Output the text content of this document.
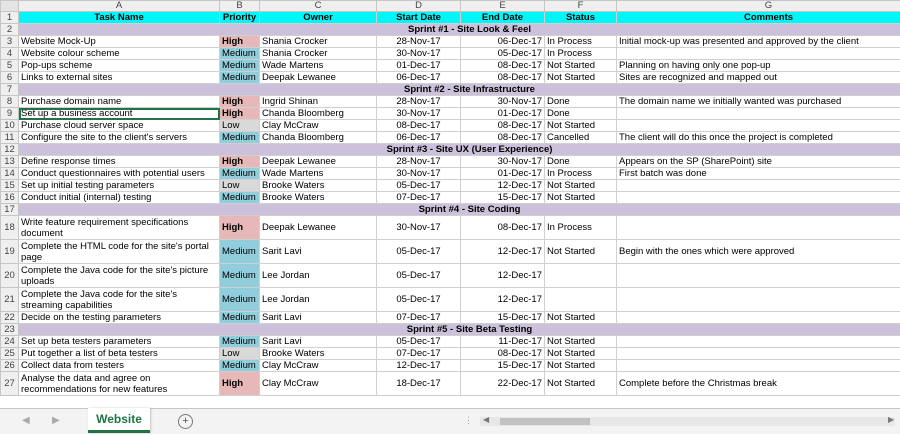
	A	B	C	D	E	F	G
1	Task Name	Priority	Owner	Start Date	End Date	Status	Comments
2	Sprint #1 - Site Look & Feel						
3	Website Mock-Up	High	Shania Crocker	28-Nov-17	06-Dec-17	In Process	Initial mock-up was presented and approved by the client
4	Website colour scheme	Medium	Shania Crocker	30-Nov-17	05-Dec-17	In Process	
5	Pop-ups scheme	Medium	Wade Martens	01-Dec-17	08-Dec-17	Not Started	Planning on having only one pop-up
6	Links to external sites	Medium	Deepak Lewanee	06-Dec-17	08-Dec-17	Not Started	Sites are recognized and mapped out
7	Sprint #2 - Site Infrastructure						
8	Purchase domain name	High	Ingrid Shinan	28-Nov-17	30-Nov-17	Done	The domain name we initially wanted was purchased
9	Set up a business account	High	Chanda Bloomberg	30-Nov-17	01-Dec-17	Done	
10	Purchase cloud server space	Low	Clay McCraw	08-Dec-17	08-Dec-17	Not Started	
11	Configure the site to the client's servers	Medium	Chanda Bloomberg	06-Dec-17	08-Dec-17	Cancelled	The client will do this once the project is completed
12	Sprint #3 - Site UX (User Experience)						
13	Define response times	High	Deepak Lewanee	28-Nov-17	30-Nov-17	Done	Appears on the SP (SharePoint) site
14	Conduct questionnaires with potential users	Medium	Wade Martens	30-Nov-17	01-Dec-17	In Process	First batch was done
15	Set up initial testing parameters	Low	Brooke Waters	05-Dec-17	12-Dec-17	Not Started	
16	Conduct initial (internal) testing	Medium	Brooke Waters	07-Dec-17	15-Dec-17	Not Started	
17	Sprint #4 - Site Coding						
18	Write feature requirement specifications document	High	Deepak Lewanee	30-Nov-17	08-Dec-17	In Process	
19	Complete the HTML code for the site's portal page	Medium	Sarit Lavi	05-Dec-17	12-Dec-17	Not Started	Begin with the ones which were approved
20	Complete the Java code for the site's picture uploads	Medium	Lee Jordan	05-Dec-17	12-Dec-17		
21	Complete the Java code for the site's streaming capabilities	Medium	Lee Jordan	05-Dec-17	12-Dec-17		
22	Decide on the testing parameters	Medium	Sarit Lavi	07-Dec-17	15-Dec-17	Not Started	
23	Sprint #5 - Site Beta Testing						
24	Set up beta testers parameters	Medium	Sarit Lavi	05-Dec-17	11-Dec-17	Not Started	
25	Put together a list of beta testers	Low	Brooke Waters	07-Dec-17	08-Dec-17	Not Started	
26	Collect data from testers	Medium	Clay McCraw	12-Dec-17	15-Dec-17	Not Started	
27	Analyse the data and agree on recommendations for new features	High	Clay McCraw	18-Dec-17	22-Dec-17	Not Started	Complete before the Christmas break
◀ ▶	Website	+	⋮ ◀	▶
